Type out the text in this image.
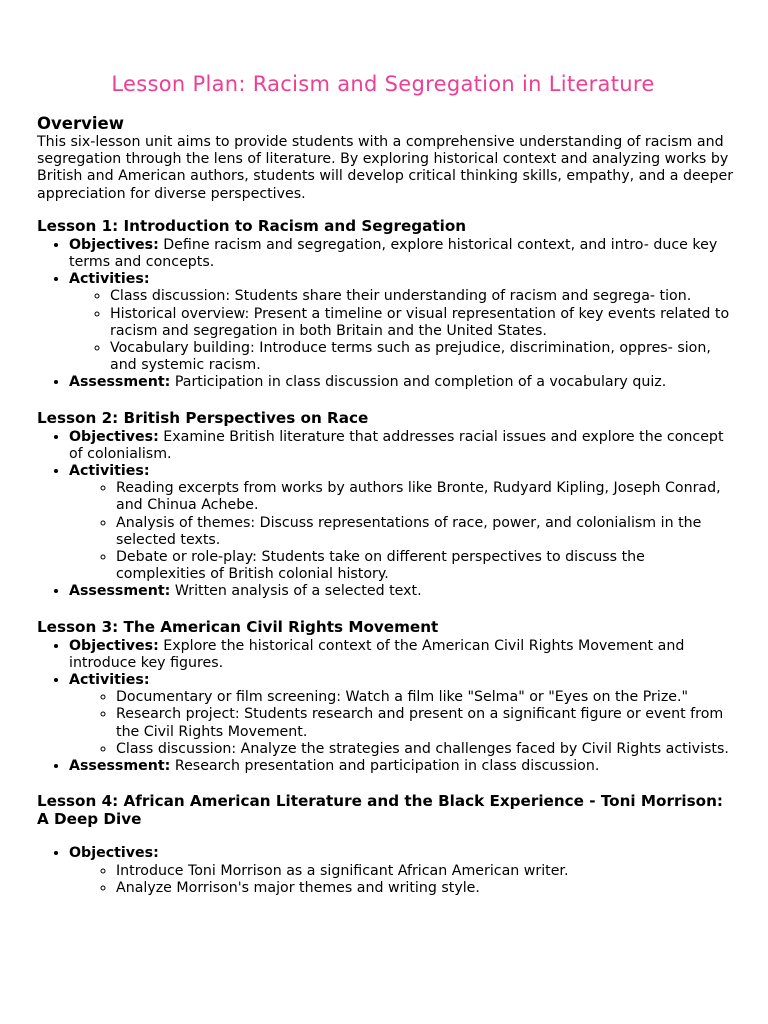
Lesson Plan: Racism and Segregation in Literature
Overview

This six-lesson unit aims to provide students with a comprehensive understanding of racism and segregation through the lens of literature. By exploring historical context and analyzing works by British and American authors, students will develop critical thinking skills, empathy, and a deeper appreciation for diverse perspectives.

Lesson 1: Introduction to Racism and Segregation
• Objectives: Define racism and segregation, explore historical context, and intro- duce key terms and concepts.
• Activities:
◦ Class discussion: Students share their understanding of racism and segrega- tion.
◦ Historical overview: Present a timeline or visual representation of key events related to racism and segregation in both Britain and the United States.
◦ Vocabulary building: Introduce terms such as prejudice, discrimination, oppres- sion, and systemic racism.
• Assessment: Participation in class discussion and completion of a vocabulary quiz.
Lesson 2: British Perspectives on Race
• Objectives: Examine British literature that addresses racial issues and explore the concept of colonialism.
• Activities:
◦ Reading excerpts from works by authors like Bronte, Rudyard Kipling, Joseph Conrad, and Chinua Achebe.
◦ Analysis of themes: Discuss representations of race, power, and colonialism in the selected texts.
◦ Debate or role-play: Students take on different perspectives to discuss the complexities of British colonial history.
• Assessment: Written analysis of a selected text.
Lesson 3: The American Civil Rights Movement
• Objectives: Explore the historical context of the American Civil Rights Movement and introduce key figures.
• Activities:
◦ Documentary or film screening: Watch a film like "Selma" or "Eyes on the Prize."
◦ Research project: Students research and present on a significant figure or event from the Civil Rights Movement.
◦ Class discussion: Analyze the strategies and challenges faced by Civil Rights activists.
• Assessment: Research presentation and participation in class discussion.
Lesson 4: African American Literature and the Black Experience - Toni Morrison: A Deep Dive
• Objectives:
◦ Introduce Toni Morrison as a significant African American writer.
◦ Analyze Morrison's major themes and writing style.
